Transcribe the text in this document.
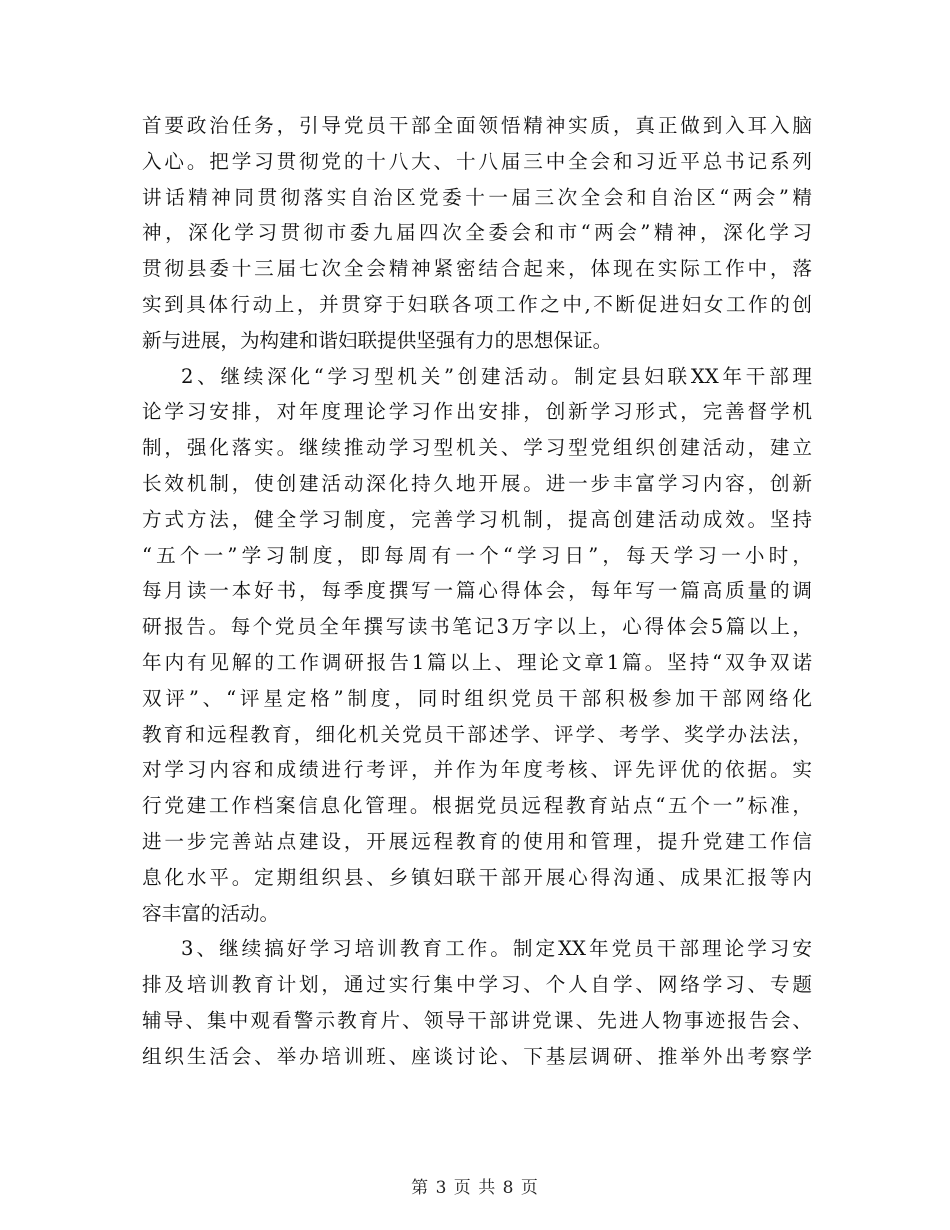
首要政治任务，引导党员干部全面领悟精神实质，真正做到入耳入脑
入心。把学习贯彻党的十八大、十八届三中全会和习近平总书记系列
讲话精神同贯彻落实自治区党委十一届三次全会和自治区“两会”精
神，深化学习贯彻市委九届四次全委会和市“两会”精神，深化学习
贯彻县委十三届七次全会精神紧密结合起来，体现在实际工作中，落
实到具体行动上，并贯穿于妇联各项工作之中,不断促进妇女工作的创
新与进展，为构建和谐妇联提供坚强有力的思想保证。
2、继续深化“学习型机关”创建活动。制定县妇联XX年干部理
论学习安排，对年度理论学习作出安排，创新学习形式，完善督学机
制，强化落实。继续推动学习型机关、学习型党组织创建活动，建立
长效机制，使创建活动深化持久地开展。进一步丰富学习内容，创新
方式方法，健全学习制度，完善学习机制，提高创建活动成效。坚持
“五个一”学习制度，即每周有一个“学习日”，每天学习一小时，
每月读一本好书，每季度撰写一篇心得体会，每年写一篇高质量的调
研报告。每个党员全年撰写读书笔记3万字以上，心得体会5篇以上，
年内有见解的工作调研报告1篇以上、理论文章1篇。坚持“双争双诺
双评”、“评星定格”制度，同时组织党员干部积极参加干部网络化
教育和远程教育，细化机关党员干部述学、评学、考学、奖学办法法，
对学习内容和成绩进行考评，并作为年度考核、评先评优的依据。实
行党建工作档案信息化管理。根据党员远程教育站点“五个一”标准，
进一步完善站点建设，开展远程教育的使用和管理，提升党建工作信
息化水平。定期组织县、乡镇妇联干部开展心得沟通、成果汇报等内
容丰富的活动。
3、继续搞好学习培训教育工作。制定XX年党员干部理论学习安
排及培训教育计划，通过实行集中学习、个人自学、网络学习、专题
辅导、集中观看警示教育片、领导干部讲党课、先进人物事迹报告会、
组织生活会、举办培训班、座谈讨论、下基层调研、推举外出考察学
第 3 页 共 8 页
